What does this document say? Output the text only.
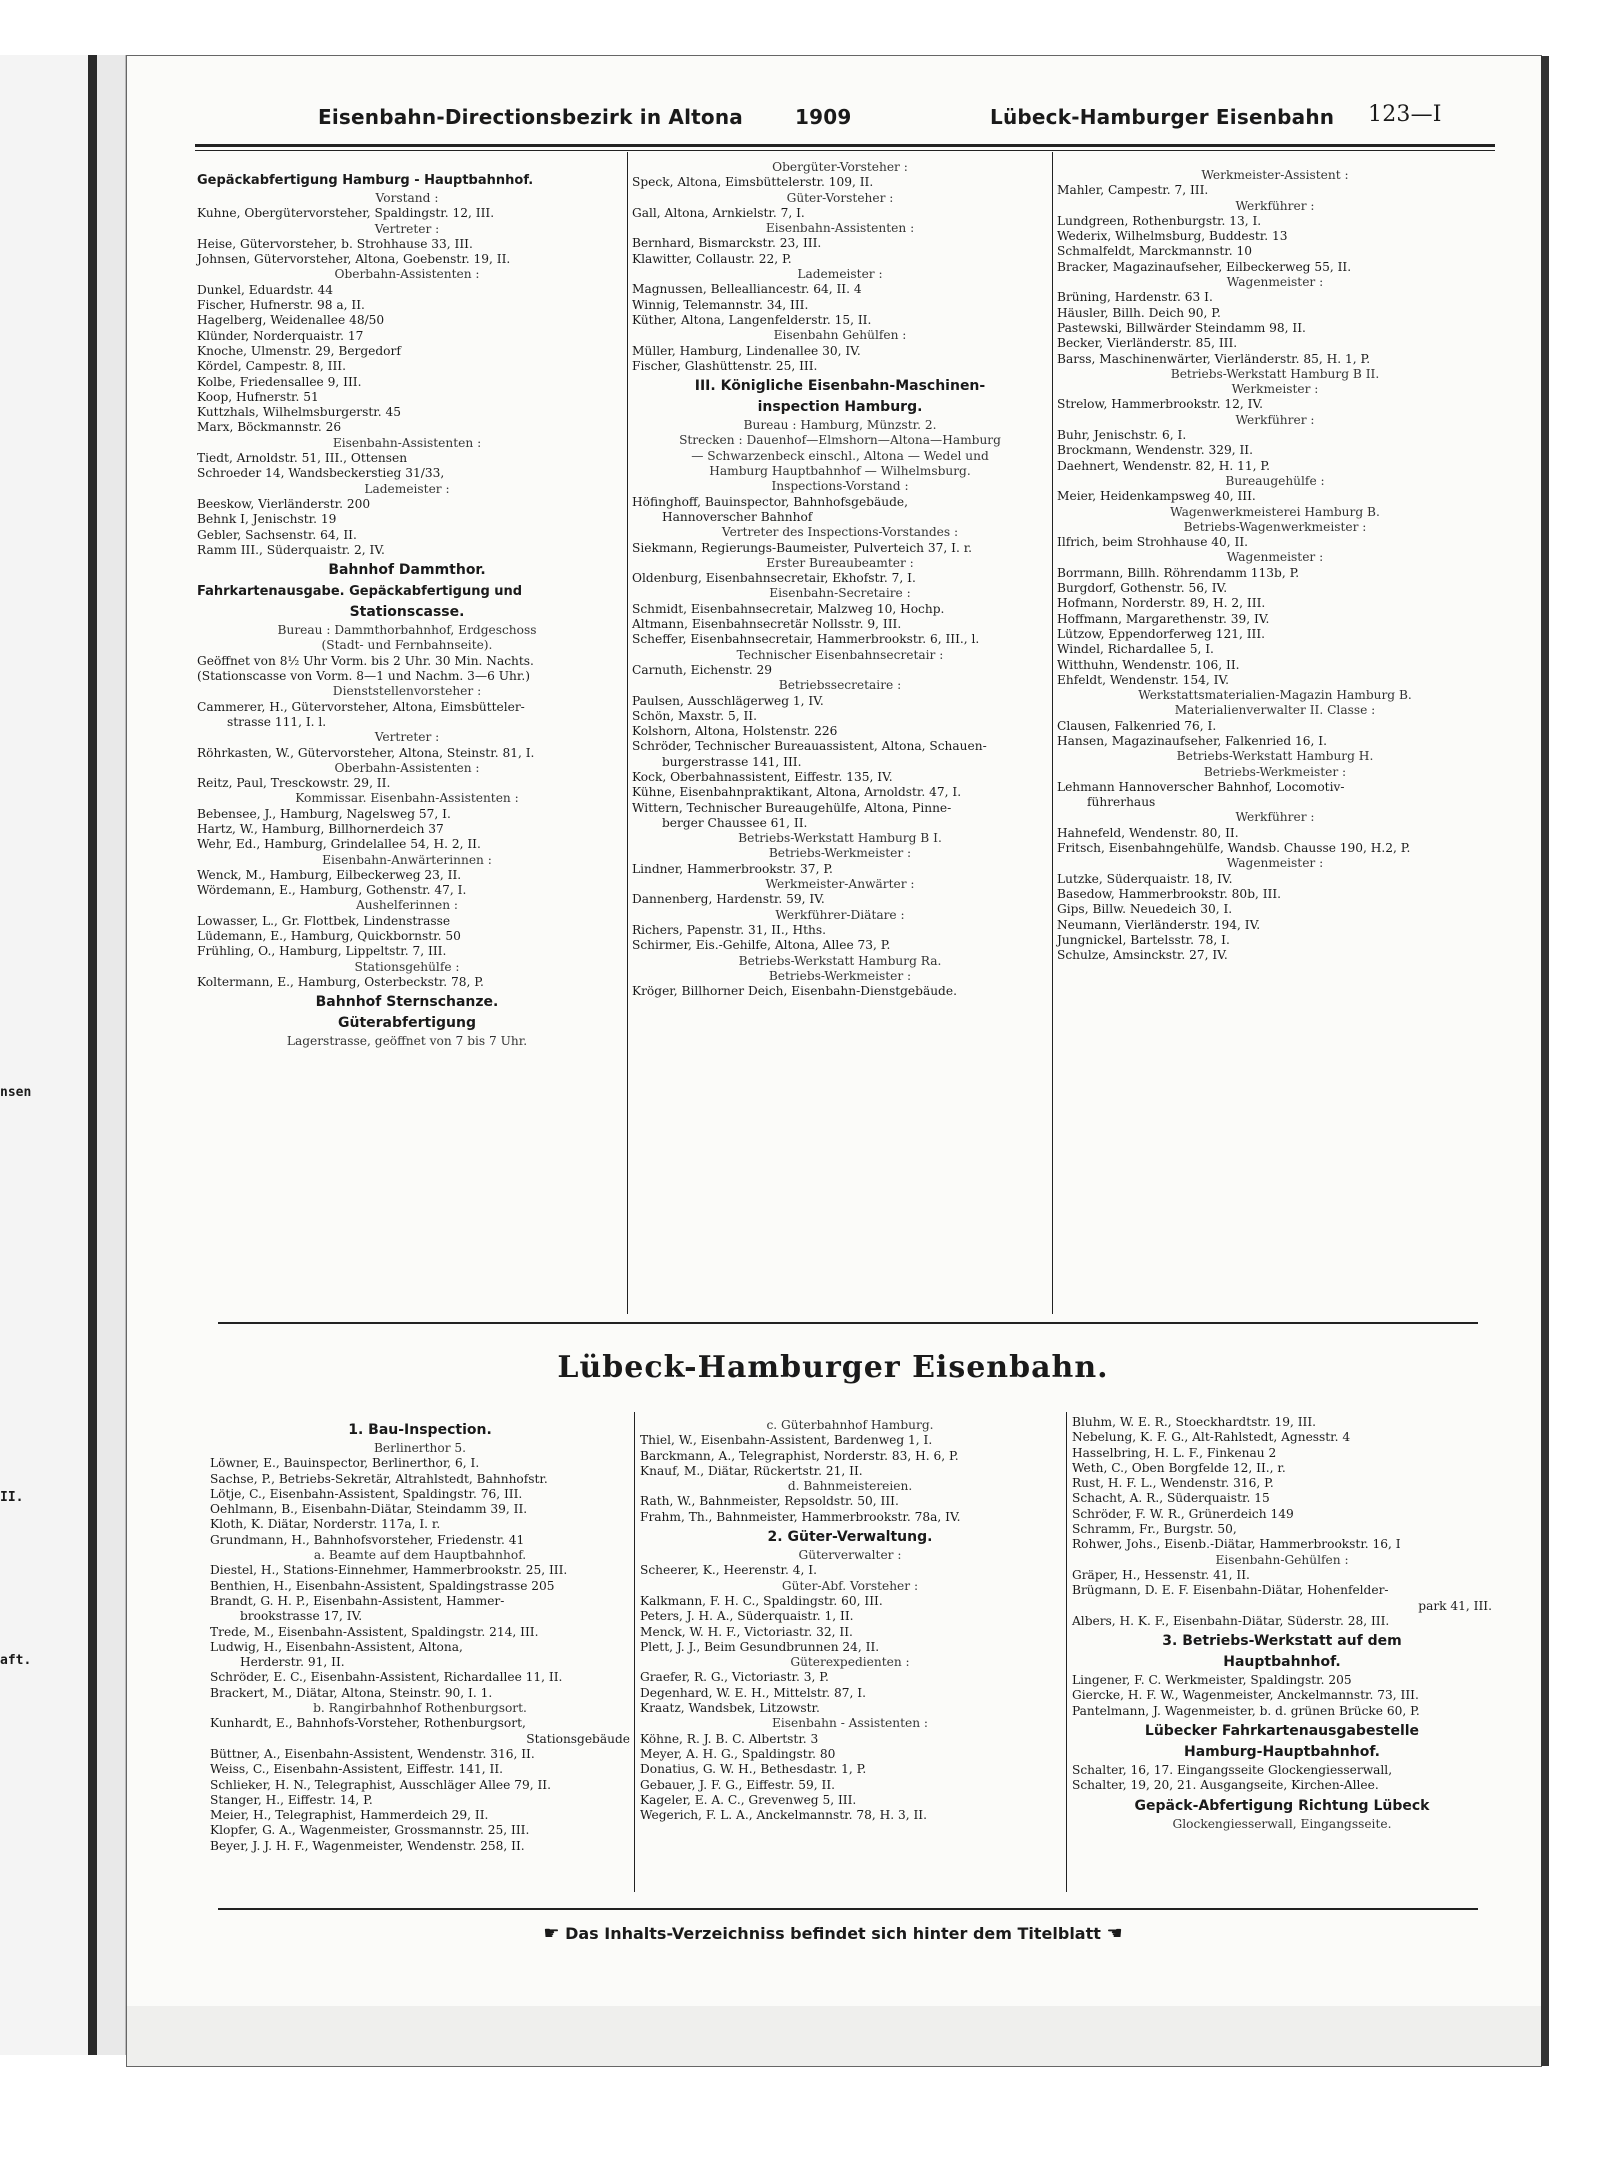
nsen
II.
aft.
Eisenbahn-Directionsbezirk in Altona	1909	Lübeck-Hamburger Eisenbahn 123—I
Gepäckabfertigung Hamburg - Hauptbahnhof.
Vorstand :
Kuhne, Obergütervorsteher, Spaldingstr. 12, III.
Vertreter :
Heise, Gütervorsteher, b. Strohhause 33, III.
Johnsen, Gütervorsteher, Altona, Goebenstr. 19, II.
Oberbahn-Assistenten :
Dunkel, Eduardstr. 44
Fischer, Hufnerstr. 98 a, II.
Hagelberg, Weidenallee 48/50
Klünder, Norderquaistr. 17
Knoche, Ulmenstr. 29, Bergedorf
Kördel, Campestr. 8, III.
Kolbe, Friedensallee 9, III.
Koop, Hufnerstr. 51
Kuttzhals, Wilhelmsburgerstr. 45
Marx, Böckmannstr. 26
Eisenbahn-Assistenten :
Tiedt, Arnoldstr. 51, III., Ottensen
Schroeder 14, Wandsbeckerstieg 31/33,
Lademeister :
Beeskow, Vierländerstr. 200
Behnk I, Jenischstr. 19
Gebler, Sachsenstr. 64, II.
Ramm III., Süderquaistr. 2, IV.
Bahnhof Dammthor.
Fahrkartenausgabe. Gepäckabfertigung und
Stationscasse.
Bureau : Dammthorbahnhof, Erdgeschoss
(Stadt- und Fernbahnseite).
Geöffnet von 8½ Uhr Vorm. bis 2 Uhr. 30 Min. Nachts.
(Stationscasse von Vorm. 8—1 und Nachm. 3—6 Uhr.)
Dienststellenvorsteher :
Cammerer, H., Gütervorsteher, Altona, Eimsbütteler-
strasse 111, I. l.
Vertreter :
Röhrkasten, W., Gütervorsteher, Altona, Steinstr. 81, I.
Oberbahn-Assistenten :
Reitz, Paul, Tresckowstr. 29, II.
Kommissar. Eisenbahn-Assistenten :
Bebensee, J., Hamburg, Nagelsweg 57, I.
Hartz, W., Hamburg, Billhornerdeich 37
Wehr, Ed., Hamburg, Grindelallee 54, H. 2, II.
Eisenbahn-Anwärterinnen :
Wenck, M., Hamburg, Eilbeckerweg 23, II.
Wördemann, E., Hamburg, Gothenstr. 47, I.
Aushelferinnen :
Lowasser, L., Gr. Flottbek, Lindenstrasse
Lüdemann, E., Hamburg, Quickbornstr. 50
Frühling, O., Hamburg, Lippeltstr. 7, III.
Stationsgehülfe :
Koltermann, E., Hamburg, Osterbeckstr. 78, P.
Bahnhof Sternschanze.
Güterabfertigung
Lagerstrasse, geöffnet von 7 bis 7 Uhr.
Obergüter-Vorsteher :
Speck, Altona, Eimsbüttelerstr. 109, II.
Güter-Vorsteher :
Gall, Altona, Arnkielstr. 7, I.
Eisenbahn-Assistenten :
Bernhard, Bismarckstr. 23, III.
Klawitter, Collaustr. 22, P.
Lademeister :
Magnussen, Bellealliancestr. 64, II. 4
Winnig, Telemannstr. 34, III.
Küther, Altona, Langenfelderstr. 15, II.
Eisenbahn Gehülfen :
Müller, Hamburg, Lindenallee 30, IV.
Fischer, Glashüttenstr. 25, III.
III. Königliche Eisenbahn-Maschinen-
inspection Hamburg.
Bureau : Hamburg, Münzstr. 2.
Strecken : Dauenhof—Elmshorn—Altona—Hamburg
— Schwarzenbeck einschl., Altona — Wedel und
Hamburg Hauptbahnhof — Wilhelmsburg.
Inspections-Vorstand :
Höfinghoff, Bauinspector, Bahnhofsgebäude,
Hannoverscher Bahnhof
Vertreter des Inspections-Vorstandes :
Siekmann, Regierungs-Baumeister, Pulverteich 37, I. r.
Erster Bureaubeamter :
Oldenburg, Eisenbahnsecretair, Ekhofstr. 7, I.
Eisenbahn-Secretaire :
Schmidt, Eisenbahnsecretair, Malzweg 10, Hochp.
Altmann, Eisenbahnsecretär Nollsstr. 9, III.
Scheffer, Eisenbahnsecretair, Hammerbrookstr. 6, III., l.
Technischer Eisenbahnsecretair :
Carnuth, Eichenstr. 29
Betriebssecretaire :
Paulsen, Ausschlägerweg 1, IV.
Schön, Maxstr. 5, II.
Kolshorn, Altona, Holstenstr. 226
Schröder, Technischer Bureauassistent, Altona, Schauen-
burgerstrasse 141, III.
Kock, Oberbahnassistent, Eiffestr. 135, IV.
Kühne, Eisenbahnpraktikant, Altona, Arnoldstr. 47, I.
Wittern, Technischer Bureaugehülfe, Altona, Pinne-
berger Chaussee 61, II.
Betriebs-Werkstatt Hamburg B I.
Betriebs-Werkmeister :
Lindner, Hammerbrookstr. 37, P.
Werkmeister-Anwärter :
Dannenberg, Hardenstr. 59, IV.
Werkführer-Diätare :
Richers, Papenstr. 31, II., Hths.
Schirmer, Eis.-Gehilfe, Altona, Allee 73, P.
Betriebs-Werkstatt Hamburg Ra.
Betriebs-Werkmeister :
Kröger, Billhorner Deich, Eisenbahn-Dienstgebäude.
Werkmeister-Assistent :
Mahler, Campestr. 7, III.
Werkführer :
Lundgreen, Rothenburgstr. 13, I.
Wederix, Wilhelmsburg, Buddestr. 13
Schmalfeldt, Marckmannstr. 10
Bracker, Magazinaufseher, Eilbeckerweg 55, II.
Wagenmeister :
Brüning, Hardenstr. 63 I.
Häusler, Billh. Deich 90, P.
Pastewski, Billwärder Steindamm 98, II.
Becker, Vierländerstr. 85, III.
Barss, Maschinenwärter, Vierländerstr. 85, H. 1, P.
Betriebs-Werkstatt Hamburg B II.
Werkmeister :
Strelow, Hammerbrookstr. 12, IV.
Werkführer :
Buhr, Jenischstr. 6, I.
Brockmann, Wendenstr. 329, II.
Daehnert, Wendenstr. 82, H. 11, P.
Bureaugehülfe :
Meier, Heidenkampsweg 40, III.
Wagenwerkmeisterei Hamburg B.
Betriebs-Wagenwerkmeister :
Ilfrich, beim Strohhause 40, II.
Wagenmeister :
Borrmann, Billh. Röhrendamm 113b, P.
Burgdorf, Gothenstr. 56, IV.
Hofmann, Norderstr. 89, H. 2, III.
Hoffmann, Margarethenstr. 39, IV.
Lützow, Eppendorferweg 121, III.
Windel, Richardallee 5, I.
Witthuhn, Wendenstr. 106, II.
Ehfeldt, Wendenstr. 154, IV.
Werkstattsmaterialien-Magazin Hamburg B.
Materialienverwalter II. Classe :
Clausen, Falkenried 76, I.
Hansen, Magazinaufseher, Falkenried 16, I.
Betriebs-Werkstatt Hamburg H.
Betriebs-Werkmeister :
Lehmann Hannoverscher Bahnhof, Locomotiv-
führerhaus
Werkführer :
Hahnefeld, Wendenstr. 80, II.
Fritsch, Eisenbahngehülfe, Wandsb. Chausse 190, H.2, P.
Wagenmeister :
Lutzke, Süderquaistr. 18, IV.
Basedow, Hammerbrookstr. 80b, III.
Gips, Billw. Neuedeich 30, I.
Neumann, Vierländerstr. 194, IV.
Jungnickel, Bartelsstr. 78, I.
Schulze, Amsinckstr. 27, IV.
Lübeck-Hamburger Eisenbahn.
1. Bau-Inspection.
Berlinerthor 5.
Löwner, E., Bauinspector, Berlinerthor, 6, I.
Sachse, P., Betriebs-Sekretär, Altrahlstedt, Bahnhofstr.
Lötje, C., Eisenbahn-Assistent, Spaldingstr. 76, III.
Oehlmann, B., Eisenbahn-Diätar, Steindamm 39, II.
Kloth, K. Diätar, Norderstr. 117a, I. r.
Grundmann, H., Bahnhofsvorsteher, Friedenstr. 41
a. Beamte auf dem Hauptbahnhof.
Diestel, H., Stations-Einnehmer, Hammerbrookstr. 25, III.
Benthien, H., Eisenbahn-Assistent, Spaldingstrasse 205
Brandt, G. H. P., Eisenbahn-Assistent, Hammer-
brookstrasse 17, IV.
Trede, M., Eisenbahn-Assistent, Spaldingstr. 214, III.
Ludwig, H., Eisenbahn-Assistent, Altona,
Herderstr. 91, II.
Schröder, E. C., Eisenbahn-Assistent, Richardallee 11, II.
Brackert, M., Diätar, Altona, Steinstr. 90, I. 1.
b. Rangirbahnhof Rothenburgsort.
Kunhardt, E., Bahnhofs-Vorsteher, Rothenburgsort,
Stationsgebäude
Büttner, A., Eisenbahn-Assistent, Wendenstr. 316, II.
Weiss, C., Eisenbahn-Assistent, Eiffestr. 141, II.
Schlieker, H. N., Telegraphist, Ausschläger Allee 79, II.
Stanger, H., Eiffestr. 14, P.
Meier, H., Telegraphist, Hammerdeich 29, II.
Klopfer, G. A., Wagenmeister, Grossmannstr. 25, III.
Beyer, J. J. H. F., Wagenmeister, Wendenstr. 258, II.
c. Güterbahnhof Hamburg.
Thiel, W., Eisenbahn-Assistent, Bardenweg 1, I.
Barckmann, A., Telegraphist, Norderstr. 83, H. 6, P.
Knauf, M., Diätar, Rückertstr. 21, II.
d. Bahnmeistereien.
Rath, W., Bahnmeister, Repsoldstr. 50, III.
Frahm, Th., Bahnmeister, Hammerbrookstr. 78a, IV.
2. Güter-Verwaltung.
Güterverwalter :
Scheerer, K., Heerenstr. 4, I.
Güter-Abf. Vorsteher :
Kalkmann, F. H. C., Spaldingstr. 60, III.
Peters, J. H. A., Süderquaistr. 1, II.
Menck, W. H. F., Victoriastr. 32, II.
Plett, J. J., Beim Gesundbrunnen 24, II.
Güterexpedienten :
Graefer, R. G., Victoriastr. 3, P.
Degenhard, W. E. H., Mittelstr. 87, I.
Kraatz, Wandsbek, Litzowstr.
Eisenbahn - Assistenten :
Köhne, R. J. B. C. Albertstr. 3
Meyer, A. H. G., Spaldingstr. 80
Donatius, G. W. H., Bethesdastr. 1, P.
Gebauer, J. F. G., Eiffestr. 59, II.
Kageler, E. A. C., Grevenweg 5, III.
Wegerich, F. L. A., Anckelmannstr. 78, H. 3, II.
Bluhm, W. E. R., Stoeckhardtstr. 19, III.
Nebelung, K. F. G., Alt-Rahlstedt, Agnesstr. 4
Hasselbring, H. L. F., Finkenau 2
Weth, C., Oben Borgfelde 12, II., r.
Rust, H. F. L., Wendenstr. 316, P.
Schacht, A. R., Süderquaistr. 15
Schröder, F. W. R., Grünerdeich 149
Schramm, Fr., Burgstr. 50,
Rohwer, Johs., Eisenb.-Diätar, Hammerbrookstr. 16, I
Eisenbahn-Gehülfen :
Gräper, H., Hessenstr. 41, II.
Brügmann, D. E. F. Eisenbahn-Diätar, Hohenfelder-
park 41, III.
Albers, H. K. F., Eisenbahn-Diätar, Süderstr. 28, III.
3. Betriebs-Werkstatt auf dem
Hauptbahnhof.
Lingener, F. C. Werkmeister, Spaldingstr. 205
Giercke, H. F. W., Wagenmeister, Anckelmannstr. 73, III.
Pantelmann, J. Wagenmeister, b. d. grünen Brücke 60, P.
Lübecker Fahrkartenausgabestelle
Hamburg-Hauptbahnhof.
Schalter, 16, 17. Eingangsseite Glockengiesserwall,
Schalter, 19, 20, 21. Ausgangseite, Kirchen-Allee.
Gepäck-Abfertigung Richtung Lübeck
Glockengiesserwall, Eingangsseite.
☛ Das Inhalts-Verzeichniss befindet sich hinter dem Titelblatt ☚
